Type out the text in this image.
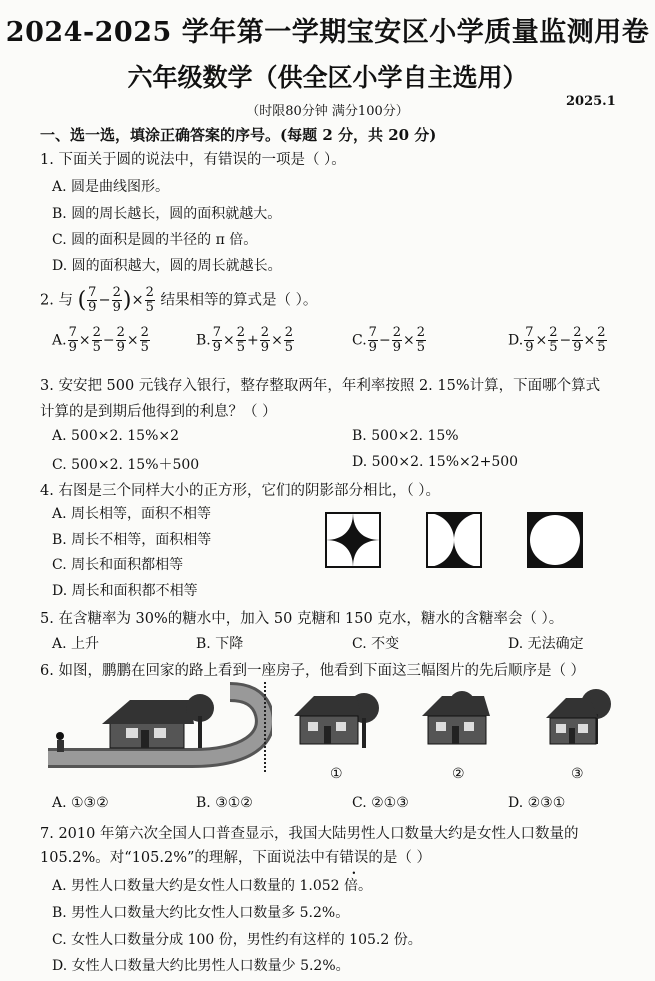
2024-2025 学年第一学期宝安区小学质量监测用卷
六年级数学（供全区小学自主选用）
（时限80分钟 满分100分）
2025.1
一、选一选，填涂正确答案的序号。(每题 2 分，共 20 分)
1. 下面关于圆的说法中，有错误的一项是（ ）。
A. 圆是曲线图形。
B. 圆的周长越长，圆的面积就越大。
C. 圆的面积是圆的半径的 π 倍。
D. 圆的面积越大，圆的周长就越长。
2. 与 ( $\frac{7}{9} - \frac{2}{9}$ )× $\frac{2}{5}$ 结果相等的算式是（ ）。
A. $\frac{7}{9} \times \frac{2}{5} - \frac{2}{9} \times \frac{2}{5}$	B. $\frac{7}{9} \times \frac{2}{5} + \frac{2}{9} \times \frac{2}{5}$	C. $\frac{7}{9} - \frac{2}{9} \times \frac{2}{5}$	D. $\frac{7}{9} \times \frac{2}{5} - \frac{2}{9} \times \frac{2}{5}$
3. 安安把 500 元钱存入银行，整存整取两年，年利率按照 2. 15%计算，下面哪个算式
计算的是到期后他得到的利息？（ ）
A. 500×2. 15%×2	B. 500×2. 15%
C. 500×2. 15%＋500	D. 500×2. 15%×2+500
4. 右图是三个同样大小的正方形，它们的阴影部分相比，（ ）。
A. 周长相等，面积不相等
B. 周长不相等，面积相等
C. 周长和面积都相等
D. 周长和面积都不相等
5. 在含糖率为 30%的糖水中，加入 50 克糖和 150 克水，糖水的含糖率会（ ）。
A. 上升	B. 下降	C. 不变	D. 无法确定
6. 如图，鹏鹏在回家的路上看到一座房子，他看到下面这三幅图片的先后顺序是（ ）
①	②	③
A. ①③②	B. ③①②	C. ②①③	D. ②③①
7. 2010 年第六次全国人口普查显示，我国大陆男性人口数量大约是女性人口数量的
105.2%。对“105.2%”的理解，下面说法中有错误的是（ ）
A. 男性人口数量大约是女性人口数量的 1.052 倍。
B. 男性人口数量大约比女性人口数量多 5.2%。
C. 女性人口数量分成 100 份，男性约有这样的 105.2 份。
D. 女性人口数量大约比男性人口数量少 5.2%。
